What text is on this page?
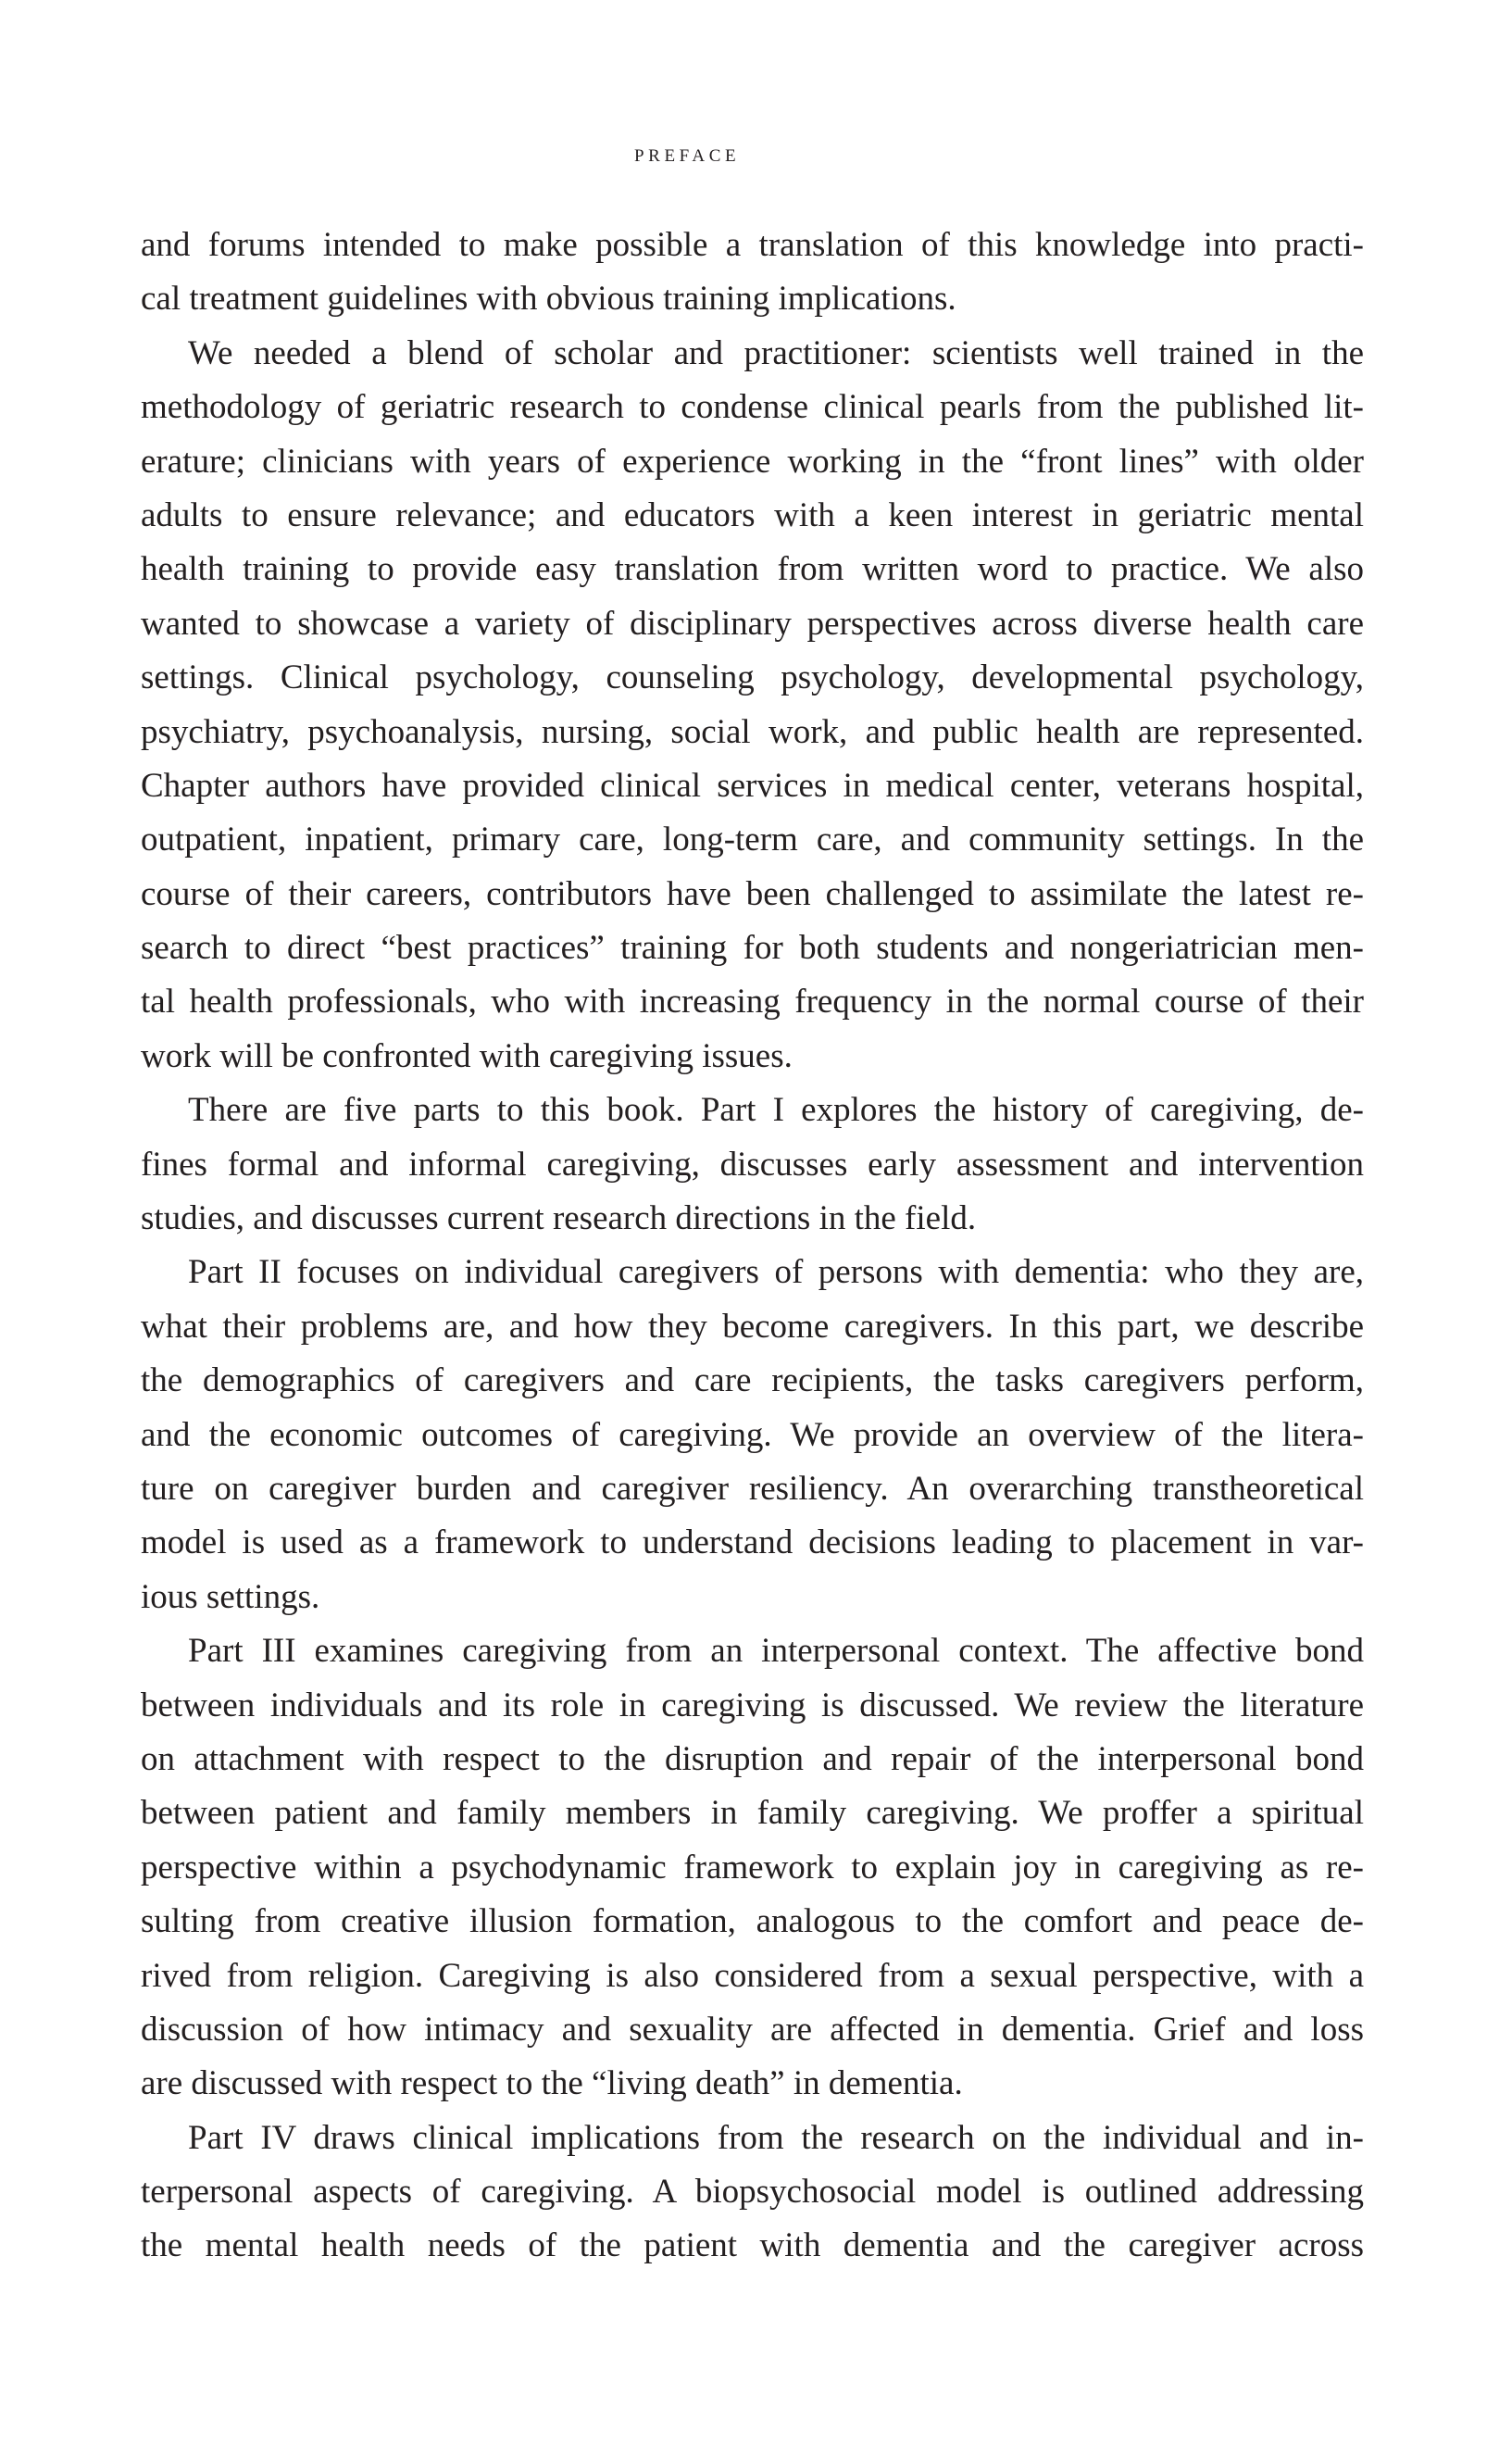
PREFACE
and forums intended to make possible a translation of this knowledge into practi-
cal treatment guidelines with obvious training implications.
We needed a blend of scholar and practitioner: scientists well trained in the
methodology of geriatric research to condense clinical pearls from the published lit-
erature; clinicians with years of experience working in the “front lines” with older
adults to ensure relevance; and educators with a keen interest in geriatric mental
health training to provide easy translation from written word to practice. We also
wanted to showcase a variety of disciplinary perspectives across diverse health care
settings. Clinical psychology, counseling psychology, developmental psychology,
psychiatry, psychoanalysis, nursing, social work, and public health are represented.
Chapter authors have provided clinical services in medical center, veterans hospital,
outpatient, inpatient, primary care, long-term care, and community settings. In the
course of their careers, contributors have been challenged to assimilate the latest re-
search to direct “best practices” training for both students and nongeriatrician men-
tal health professionals, who with increasing frequency in the normal course of their
work will be confronted with caregiving issues.
There are five parts to this book. Part I explores the history of caregiving, de-
fines formal and informal caregiving, discusses early assessment and intervention
studies, and discusses current research directions in the field.
Part II focuses on individual caregivers of persons with dementia: who they are,
what their problems are, and how they become caregivers. In this part, we describe
the demographics of caregivers and care recipients, the tasks caregivers perform,
and the economic outcomes of caregiving. We provide an overview of the litera-
ture on caregiver burden and caregiver resiliency. An overarching transtheoretical
model is used as a framework to understand decisions leading to placement in var-
ious settings.
Part III examines caregiving from an interpersonal context. The affective bond
between individuals and its role in caregiving is discussed. We review the literature
on attachment with respect to the disruption and repair of the interpersonal bond
between patient and family members in family caregiving. We proffer a spiritual
perspective within a psychodynamic framework to explain joy in caregiving as re-
sulting from creative illusion formation, analogous to the comfort and peace de-
rived from religion. Caregiving is also considered from a sexual perspective, with a
discussion of how intimacy and sexuality are affected in dementia. Grief and loss
are discussed with respect to the “living death” in dementia.
Part IV draws clinical implications from the research on the individual and in-
terpersonal aspects of caregiving. A biopsychosocial model is outlined addressing
the mental health needs of the patient with dementia and the caregiver across
